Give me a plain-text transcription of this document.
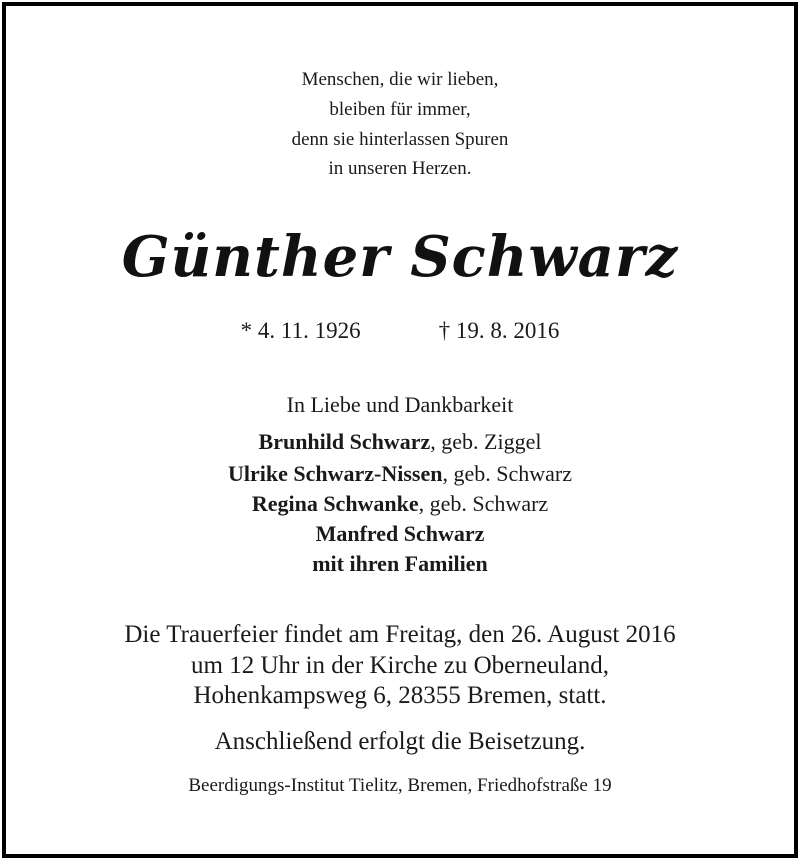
Menschen, die wir lieben,
bleiben für immer,
denn sie hinterlassen Spuren
in unseren Herzen.
Günther Schwarz
* 4. 11. 1926	† 19. 8. 2016
In Liebe und Dankbarkeit
Brunhild Schwarz, geb. Ziggel
Ulrike Schwarz-Nissen, geb. Schwarz
Regina Schwanke, geb. Schwarz
Manfred Schwarz
mit ihren Familien
Die Trauerfeier findet am Freitag, den 26. August 2016
um 12 Uhr in der Kirche zu Oberneuland,
Hohenkampsweg 6, 28355 Bremen, statt.
Anschließend erfolgt die Beisetzung.
Beerdigungs-Institut Tielitz, Bremen, Friedhofstraße 19
